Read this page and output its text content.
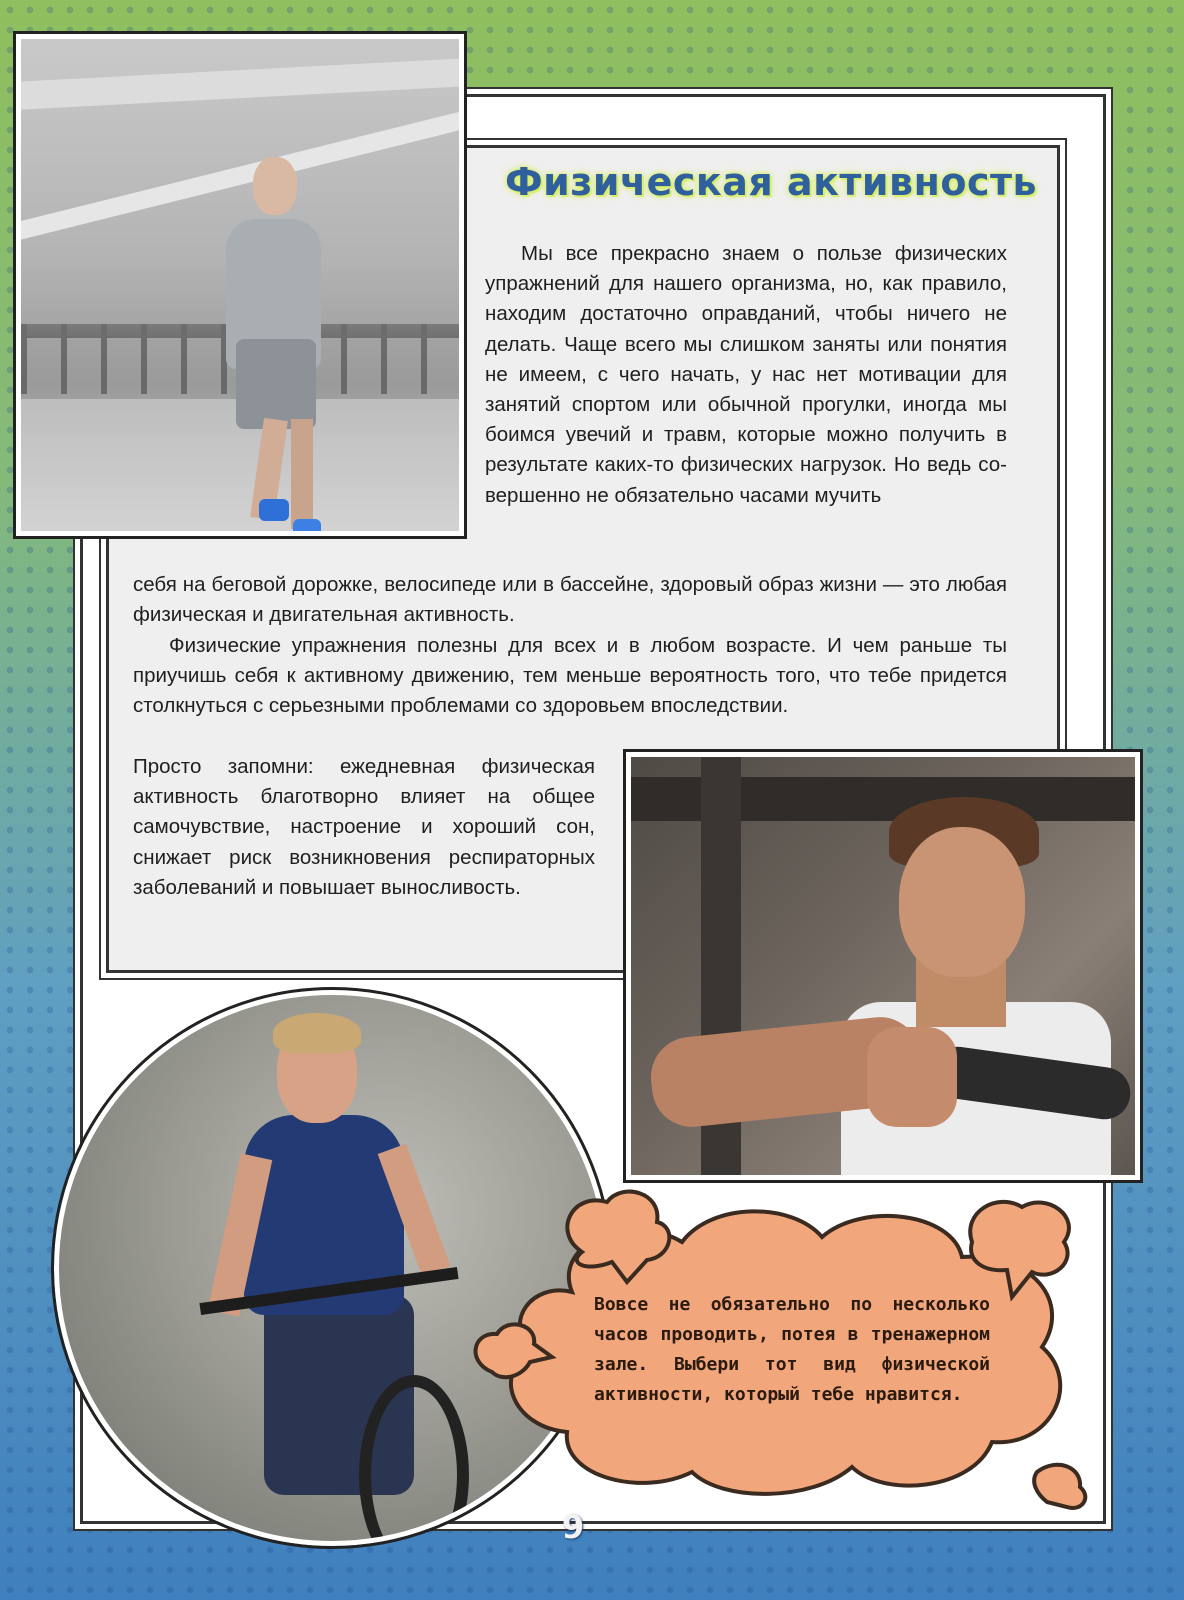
Физическая активность

Мы все прекрасно знаем о пользе физических упражнений для нашего организма, но, как правило, находим достаточно оправданий, чтобы ничего не делать. Чаще всего мы слишком заняты или понятия не имеем, с чего начать, у нас нет мотивации для занятий спортом или обычной прогулки, иногда мы боимся увечий и травм, которые можно получить в результате каких-то физических нагрузок. Но ведь совершенно не обязательно часами мучить

себя на беговой дорожке, велосипеде или в бассейне, здоровый образ жизни — это любая физическая и двигательная активность.

Физические упражнения полезны для всех и в любом возрасте. И чем раньше ты приучишь себя к активному движению, тем меньше вероятность того, что тебе придется столкнуться с серьезными проблемами со здоровьем впоследствии.

Просто запомни: ежедневная физическая активность благотворно влияет на общее самочувствие, настроение и хороший сон, снижает риск возникновения респираторных заболеваний и повышает выносливость.

Вовсе не обязательно по несколько часов проводить, потея в тренажерном зале. Выбери тот вид физической активности, который тебе нравится.
9
